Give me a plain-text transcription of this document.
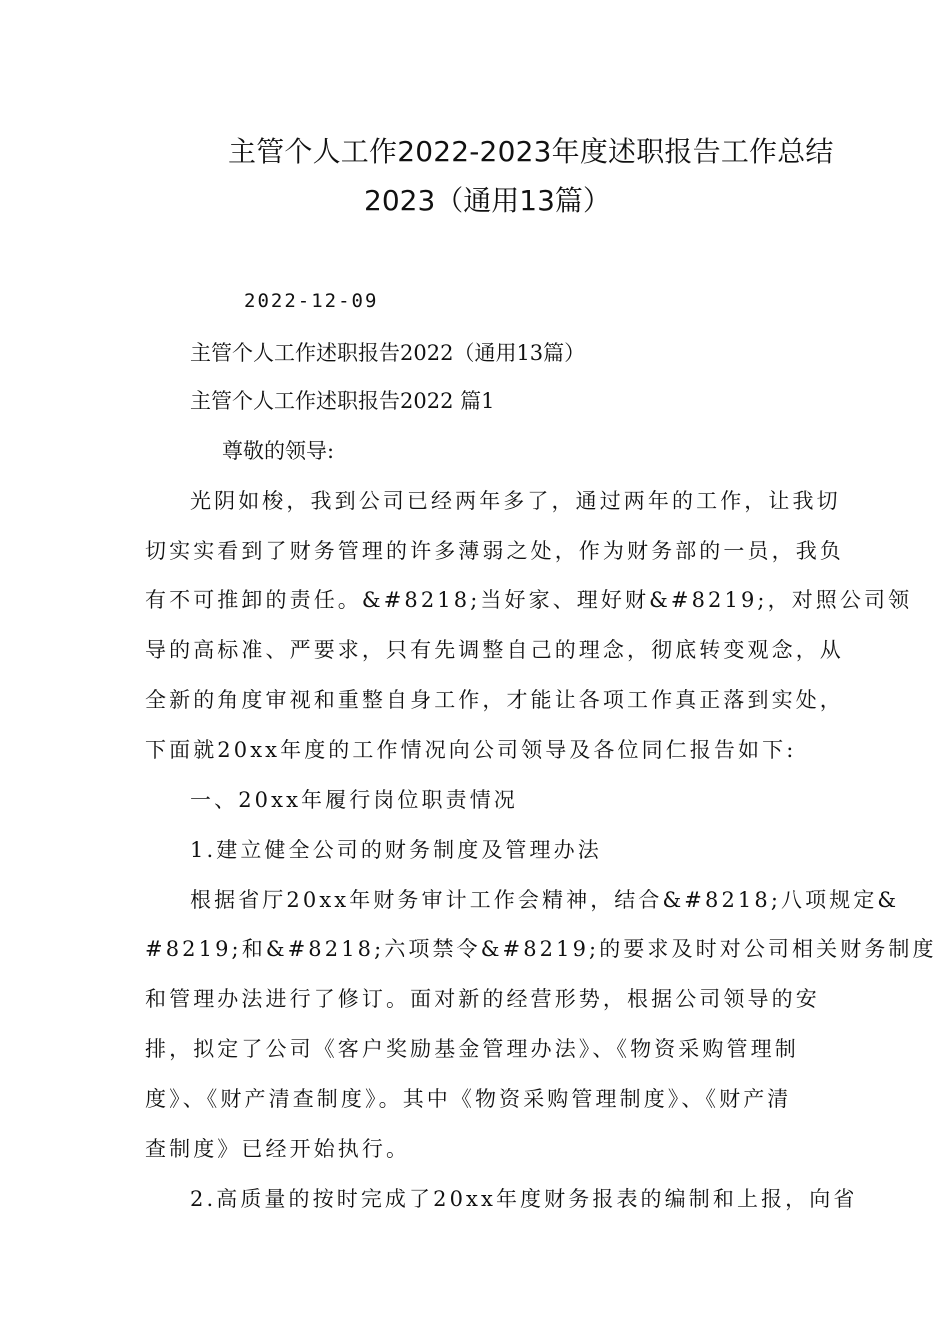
主管个人工作2022-2023年度述职报告工作总结
2023（通用13篇）
2022-12-09
主管个人工作述职报告2022（通用13篇）
主管个人工作述职报告2022 篇1
尊敬的领导:
光阴如梭，我到公司已经两年多了，通过两年的工作，让我切
切实实看到了财务管理的许多薄弱之处，作为财务部的一员，我负
有不可推卸的责任。&#8218;当好家、理好财&#8219;，对照公司领
导的高标准、严要求，只有先调整自己的理念，彻底转变观念，从
全新的角度审视和重整自身工作，才能让各项工作真正落到实处，
下面就20xx年度的工作情况向公司领导及各位同仁报告如下:
一、20xx年履行岗位职责情况
1.建立健全公司的财务制度及管理办法
根据省厅20xx年财务审计工作会精神，结合&#8218;八项规定&
#8219;和&#8218;六项禁令&#8219;的要求及时对公司相关财务制度
和管理办法进行了修订。面对新的经营形势，根据公司领导的安
排，拟定了公司《客户奖励基金管理办法》、《物资采购管理制
度》、《财产清查制度》。其中《物资采购管理制度》、《财产清
查制度》已经开始执行。
2.高质量的按时完成了20xx年度财务报表的编制和上报，向省
